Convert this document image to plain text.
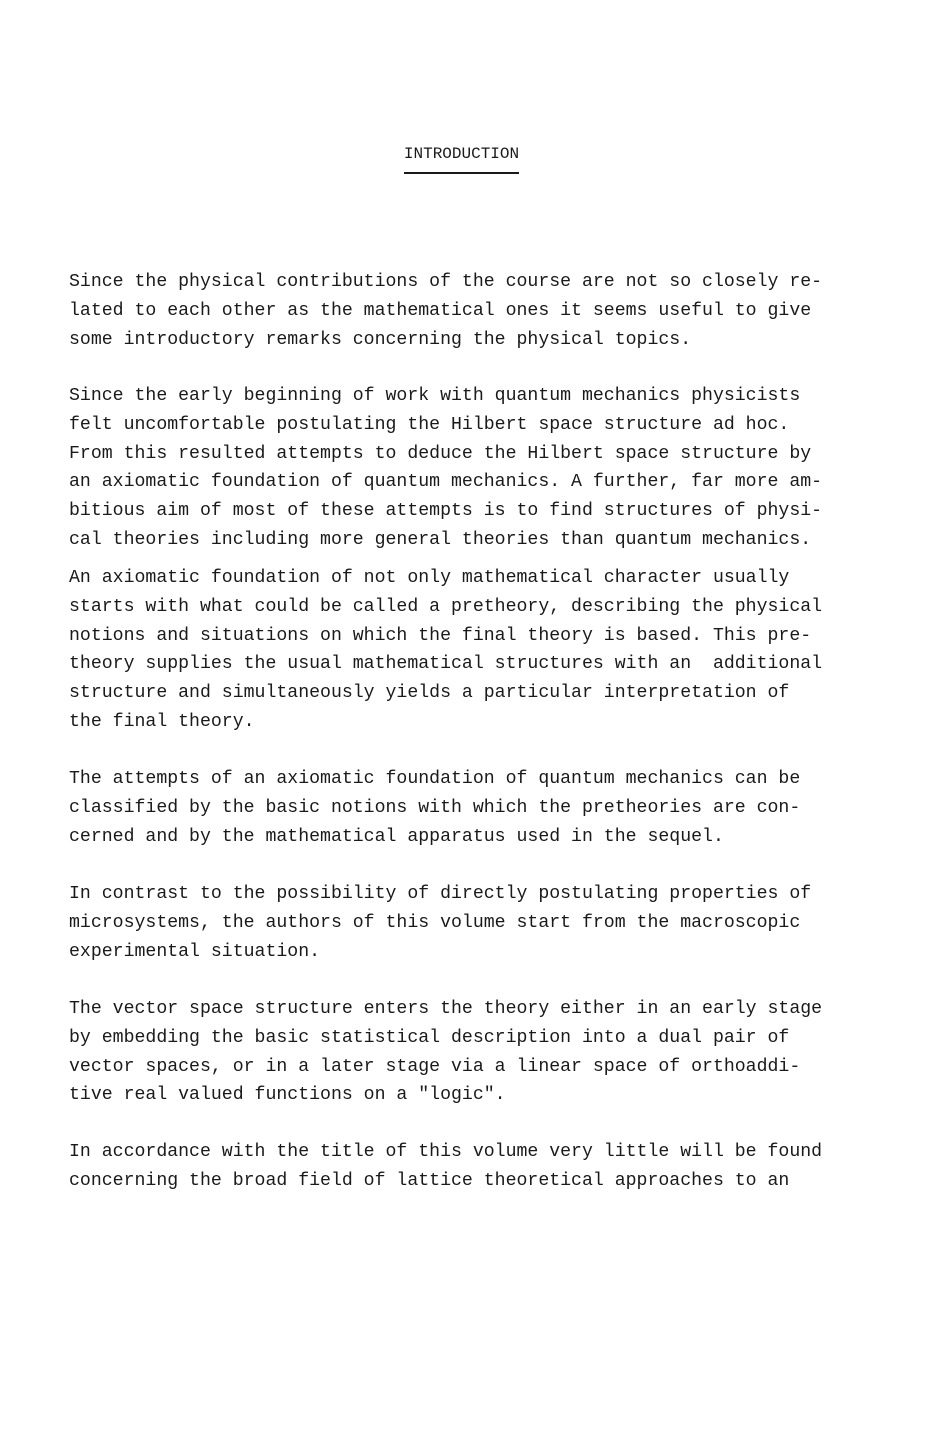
INTRODUCTION
Since the physical contributions of the course are not so closely re-
lated to each other as the mathematical ones it seems useful to give
some introductory remarks concerning the physical topics.
Since the early beginning of work with quantum mechanics physicists
felt uncomfortable postulating the Hilbert space structure ad hoc.
From this resulted attempts to deduce the Hilbert space structure by
an axiomatic foundation of quantum mechanics. A further, far more am-
bitious aim of most of these attempts is to find structures of physi-
cal theories including more general theories than quantum mechanics.
An axiomatic foundation of not only mathematical character usually
starts with what could be called a pretheory, describing the physical
notions and situations on which the final theory is based. This pre-
theory supplies the usual mathematical structures with an  additional
structure and simultaneously yields a particular interpretation of
the final theory.
The attempts of an axiomatic foundation of quantum mechanics can be
classified by the basic notions with which the pretheories are con-
cerned and by the mathematical apparatus used in the sequel.
In contrast to the possibility of directly postulating properties of
microsystems, the authors of this volume start from the macroscopic
experimental situation.
The vector space structure enters the theory either in an early stage
by embedding the basic statistical description into a dual pair of
vector spaces, or in a later stage via a linear space of orthoaddi-
tive real valued functions on a "logic".
In accordance with the title of this volume very little will be found
concerning the broad field of lattice theoretical approaches to an
